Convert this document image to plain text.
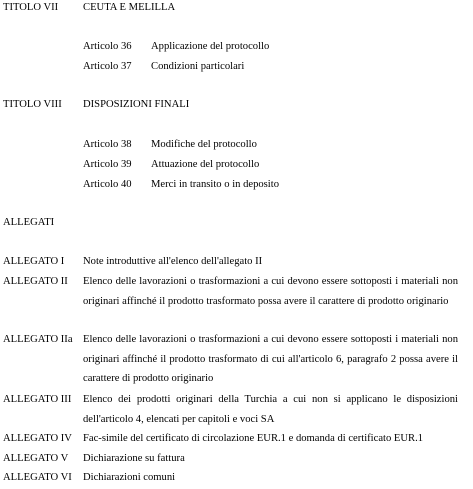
TITOLO VII CEUTA E MELILLA
Articolo 36 Applicazione del protocollo
Articolo 37 Condizioni particolari
TITOLO VIII DISPOSIZIONI FINALI
Articolo 38 Modifiche del protocollo
Articolo 39 Attuazione del protocollo
Articolo 40 Merci in transito o in deposito
ALLEGATI
ALLEGATO I Note introduttive all'elenco dell'allegato II
ALLEGATO II Elenco delle lavorazioni o trasformazioni a cui devono essere sottoposti i materiali non originari affinché il prodotto trasformato possa avere il carattere di prodotto originario
ALLEGATO IIa Elenco delle lavorazioni o trasformazioni a cui devono essere sottoposti i materiali non originari affinché il prodotto trasformato di cui all'articolo 6, paragrafo 2 possa avere il carattere di prodotto originario
ALLEGATO III Elenco dei prodotti originari della Turchia a cui non si applicano le disposizioni dell'articolo 4, elencati per capitoli e voci SA
ALLEGATO IV Fac-simile del certificato di circolazione EUR.1 e domanda di certificato EUR.1
ALLEGATO V Dichiarazione su fattura
ALLEGATO VI Dichiarazioni comuni
